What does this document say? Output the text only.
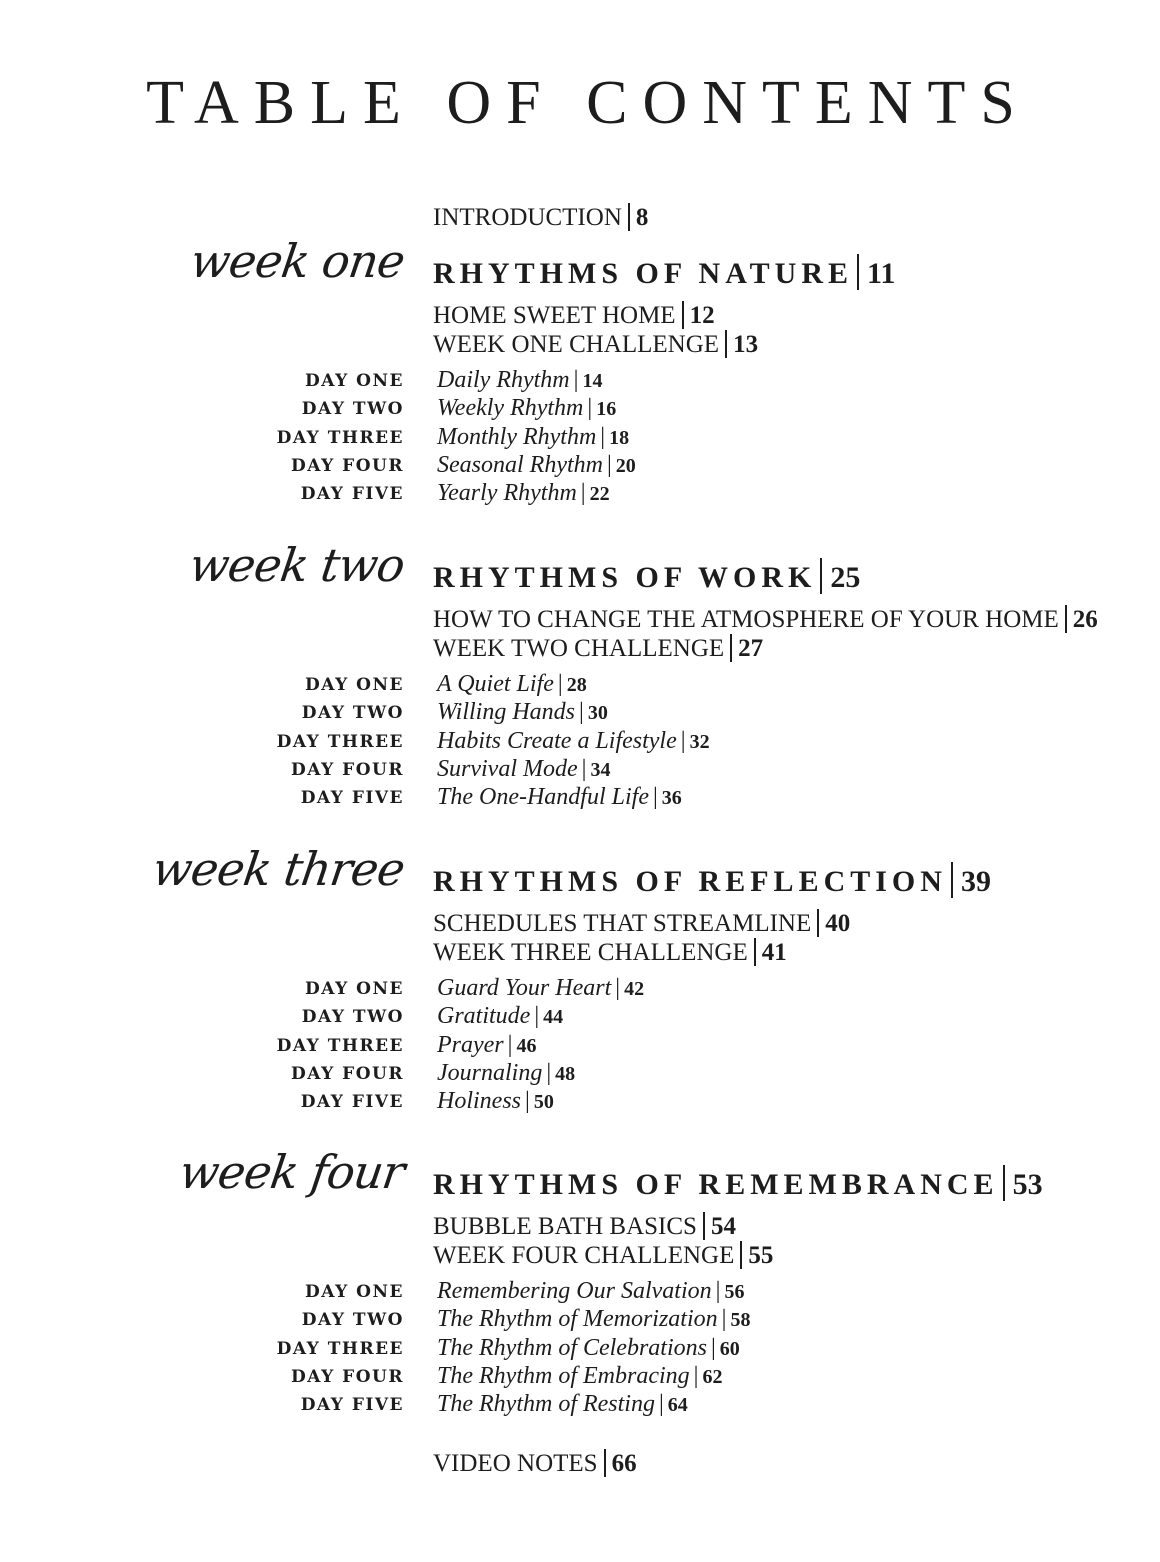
TABLE OF CONTENTS
INTRODUCTION 8
week one RHYTHMS OF NATURE 11
HOME SWEET HOME 12
WEEK ONE CHALLENGE 13
DAY ONE Daily Rhythm | 14
DAY TWO Weekly Rhythm | 16
DAY THREE Monthly Rhythm | 18
DAY FOUR Seasonal Rhythm | 20
DAY FIVE Yearly Rhythm | 22
week two RHYTHMS OF WORK 25
HOW TO CHANGE THE ATMOSPHERE OF YOUR HOME 26
WEEK TWO CHALLENGE 27
DAY ONE A Quiet Life | 28
DAY TWO Willing Hands | 30
DAY THREE Habits Create a Lifestyle | 32
DAY FOUR Survival Mode | 34
DAY FIVE The One-Handful Life | 36
week three RHYTHMS OF REFLECTION 39
SCHEDULES THAT STREAMLINE 40
WEEK THREE CHALLENGE 41
DAY ONE Guard Your Heart | 42
DAY TWO Gratitude | 44
DAY THREE Prayer | 46
DAY FOUR Journaling | 48
DAY FIVE Holiness | 50
week four RHYTHMS OF REMEMBRANCE 53
BUBBLE BATH BASICS 54
WEEK FOUR CHALLENGE 55
DAY ONE Remembering Our Salvation | 56
DAY TWO The Rhythm of Memorization | 58
DAY THREE The Rhythm of Celebrations | 60
DAY FOUR The Rhythm of Embracing | 62
DAY FIVE The Rhythm of Resting | 64
VIDEO NOTES 66
